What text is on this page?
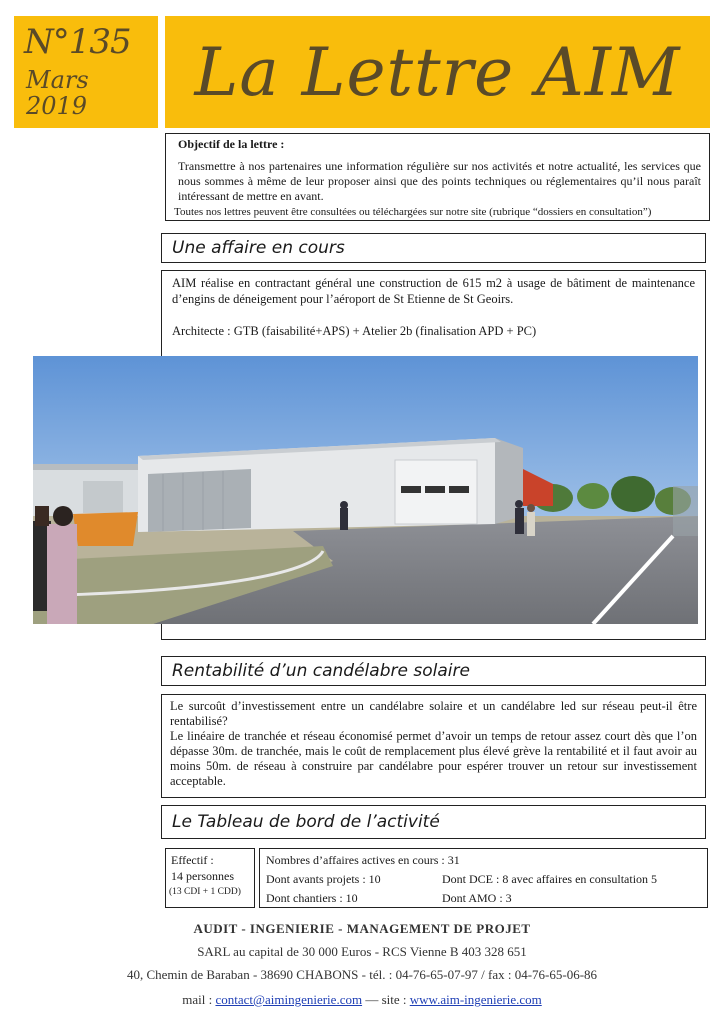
N°135
Mars
2019	La Lettre AIM
Objectif de la lettre :
Transmettre à nos partenaires une information régulière sur nos activités et notre actualité, les services que nous sommes à même de leur proposer ainsi que des points techniques ou réglementaires qu’il nous paraît intéressant de mettre en avant.
Toutes nos lettres peuvent être consultées ou téléchargées sur notre site (rubrique “dossiers en consultation”)
Une affaire en cours

AIM réalise en contractant général une construction de 615 m2 à usage de bâtiment de maintenance d’engins de déneigement pour l’aéroport de St Etienne de St Geoirs.

Architecte : GTB (faisabilité+APS) + Atelier 2b (finalisation APD + PC)

Rentabilité d’un candélabre solaire

Le surcoût d’investissement entre un candélabre solaire et un candélabre led sur réseau peut-il être rentabilisé?

Le linéaire de tranchée et réseau économisé permet d’avoir un temps de retour assez court dès que l’on dépasse 30m. de tranchée, mais le coût de remplacement plus élevé grève la rentabilité et il faut avoir au moins 50m. de réseau à construire par candélabre pour espérer trouver un retour sur investissement acceptable.

Le Tableau de bord de l’activité
Effectif :
14 personnes
(13 CDI + 1 CDD)
Nombres d’affaires actives en cours : 31
Dont avants projets : 10	Dont DCE : 8 avec affaires en consultation 5
Dont chantiers : 10	Dont AMO : 3
AUDIT - INGENIERIE - MANAGEMENT DE PROJET
SARL au capital de 30 000 Euros - RCS Vienne B 403 328 651
40, Chemin de Baraban - 38690 CHABONS - tél. : 04-76-65-07-97 / fax : 04-76-65-06-86
mail : contact@aimingenierie.com — site : www.aim-ingenierie.com
